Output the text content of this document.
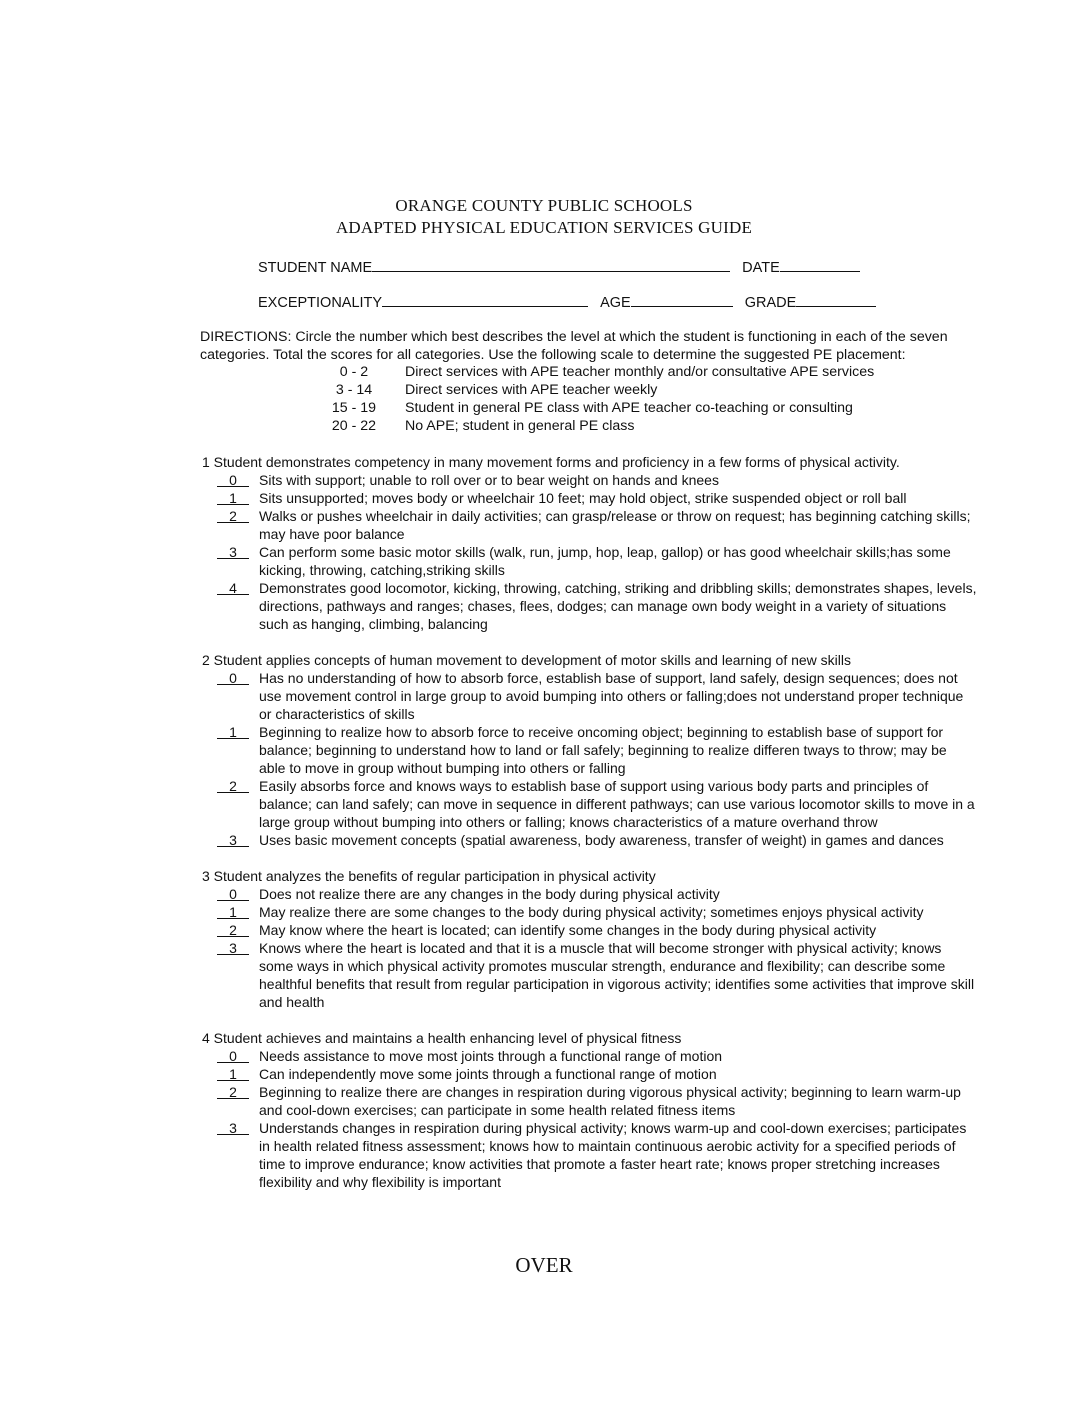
ORANGE COUNTY PUBLIC SCHOOLS
ADAPTED PHYSICAL EDUCATION SERVICES GUIDE
STUDENT NAME	DATE
EXCEPTIONALITY	AGE	GRADE
DIRECTIONS: Circle the number which best describes the level at which the student is functioning in each of the seven categories. Total the scores for all categories. Use the following scale to determine the suggested PE placement:
0 - 2	Direct services with APE teacher monthly and/or consultative APE services
3 - 14 Direct services with APE teacher weekly
15 - 19 Student in general PE class with APE teacher co-teaching or consulting
20 - 22 No APE; student in general PE class
1 Student demonstrates competency in many movement forms and proficiency in a few forms of physical activity.
0	Sits with support; unable to roll over or to bear weight on hands and knees
1	Sits unsupported; moves body or wheelchair 10 feet; may hold object, strike suspended object or roll ball
2	Walks or pushes wheelchair in daily activities; can grasp/release or throw on request; has beginning catching skills; may have poor balance
3	Can perform some basic motor skills (walk, run, jump, hop, leap, gallop) or has good wheelchair skills;has some kicking, throwing, catching,striking skills
4	Demonstrates good locomotor, kicking, throwing, catching, striking and dribbling skills; demonstrates shapes, levels, directions, pathways and ranges; chases, flees, dodges; can manage own body weight in a variety of situations such as hanging, climbing, balancing
2 Student applies concepts of human movement to development of motor skills and learning of new skills
0	Has no understanding of how to absorb force, establish base of support, land safely, design sequences; does not use movement control in large group to avoid bumping into others or falling;does not understand proper technique or characteristics of skills
1	Beginning to realize how to absorb force to receive oncoming object; beginning to establish base of support for balance; beginning to understand how to land or fall safely; beginning to realize differen tways to throw; may be able to move in group without bumping into others or falling
2	Easily absorbs force and knows ways to establish base of support using various body parts and principles of balance; can land safely; can move in sequence in different pathways; can use various locomotor skills to move in a large group without bumping into others or falling; knows characteristics of a mature overhand throw
3	Uses basic movement concepts (spatial awareness, body awareness, transfer of weight) in games and dances
3 Student analyzes the benefits of regular participation in physical activity
0	Does not realize there are any changes in the body during physical activity
1	May realize there are some changes to the body during physical activity; sometimes enjoys physical activity
2	May know where the heart is located; can identify some changes in the body during physical activity
3	Knows where the heart is located and that it is a muscle that will become stronger with physical activity; knows some ways in which physical activity promotes muscular strength, endurance and flexibility; can describe some healthful benefits that result from regular participation in vigorous activity; identifies some activities that improve skill and health
4 Student achieves and maintains a health enhancing level of physical fitness
0	Needs assistance to move most joints through a functional range of motion
1	Can independently move some joints through a functional range of motion
2	Beginning to realize there are changes in respiration during vigorous physical activity; beginning to learn warm-up and cool-down exercises; can participate in some health related fitness items
3	Understands changes in respiration during physical activity; knows warm-up and cool-down exercises; participates in health related fitness assessment; knows how to maintain continuous aerobic activity for a specified periods of time to improve endurance; know activities that promote a faster heart rate; knows proper stretching increases flexibility and why flexibility is important
OVER
